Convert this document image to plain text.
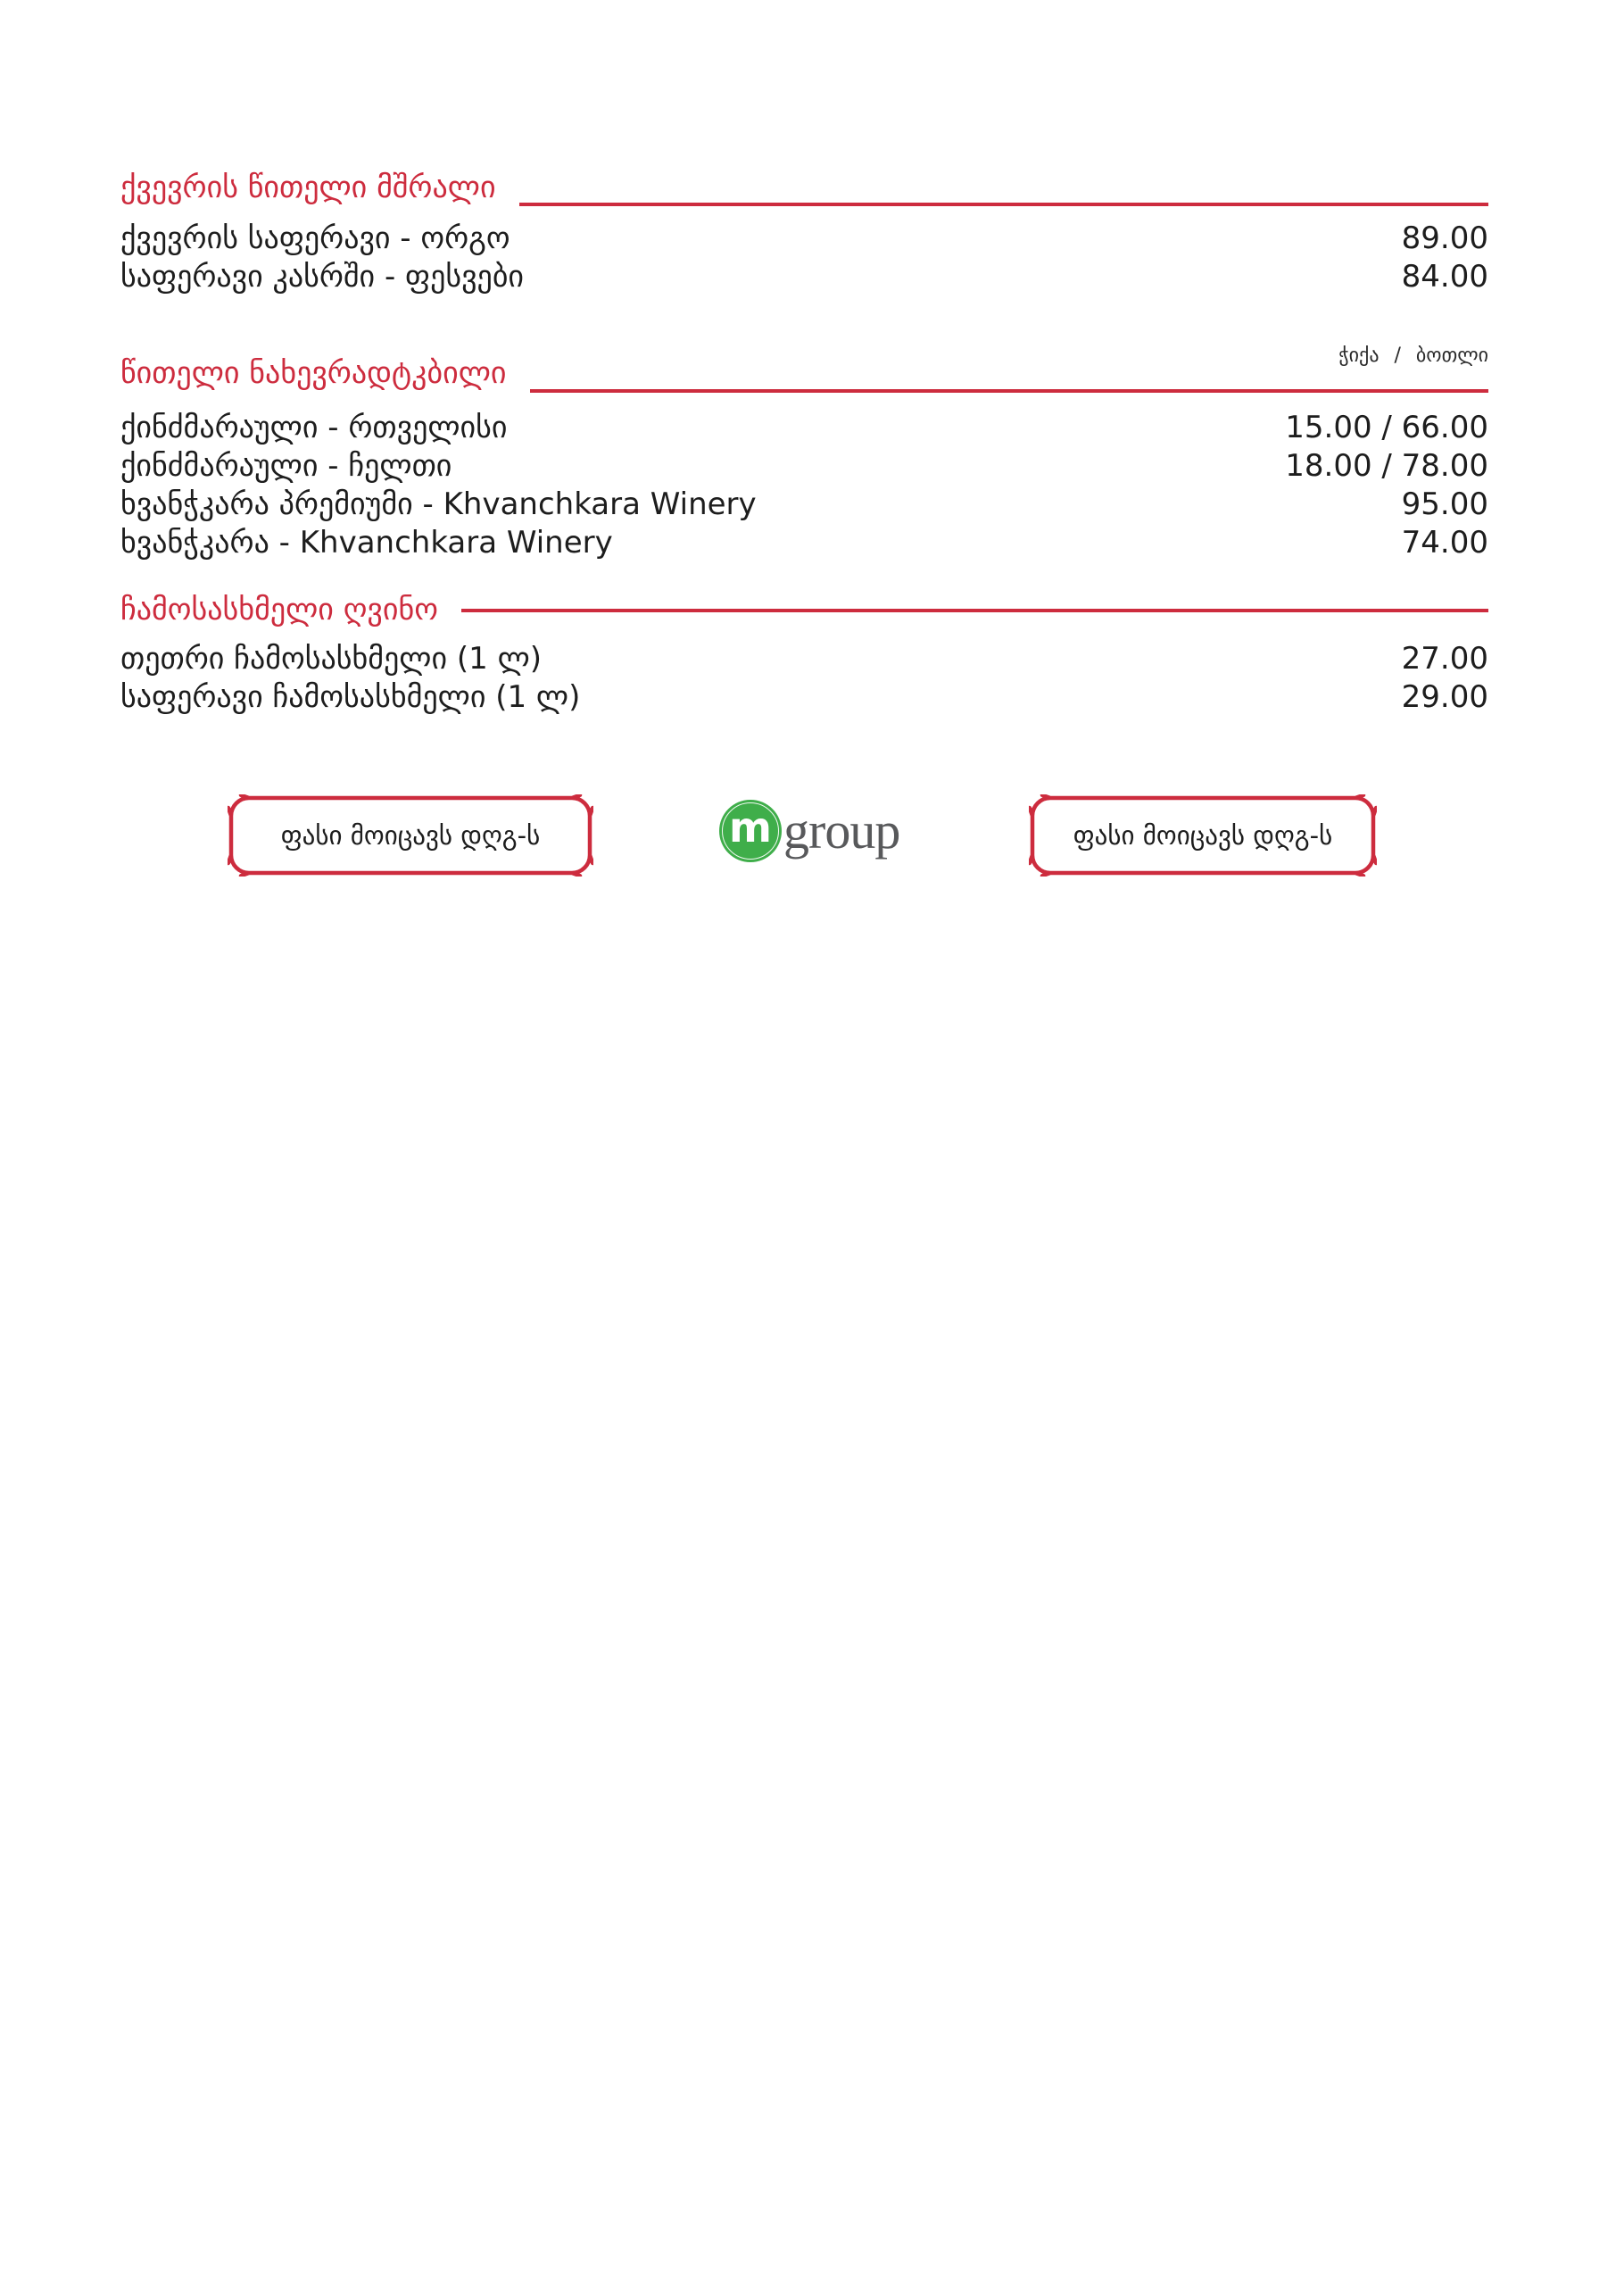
ქვევრის წითელი მშრალი
ქვევრის საფერავი - ორგო	89.00
საფერავი კასრში - ფესვები	84.00
ჭიქა / ბოთლი
წითელი ნახევრადტკბილი
ქინძმარაული - რთველისი	15.00 / 66.00
ქინძმარაული - ჩელთი	18.00 / 78.00
ხვანჭკარა პრემიუმი - Khvanchkara Winery	95.00
ხვანჭკარა - Khvanchkara Winery	74.00
ჩამოსასხმელი ღვინო
თეთრი ჩამოსასხმელი (1 ლ)	27.00
საფერავი ჩამოსასხმელი (1 ლ)	29.00
ფასი მოიცავს დღგ-ს	m group	ფასი მოიცავს დღგ-ს
